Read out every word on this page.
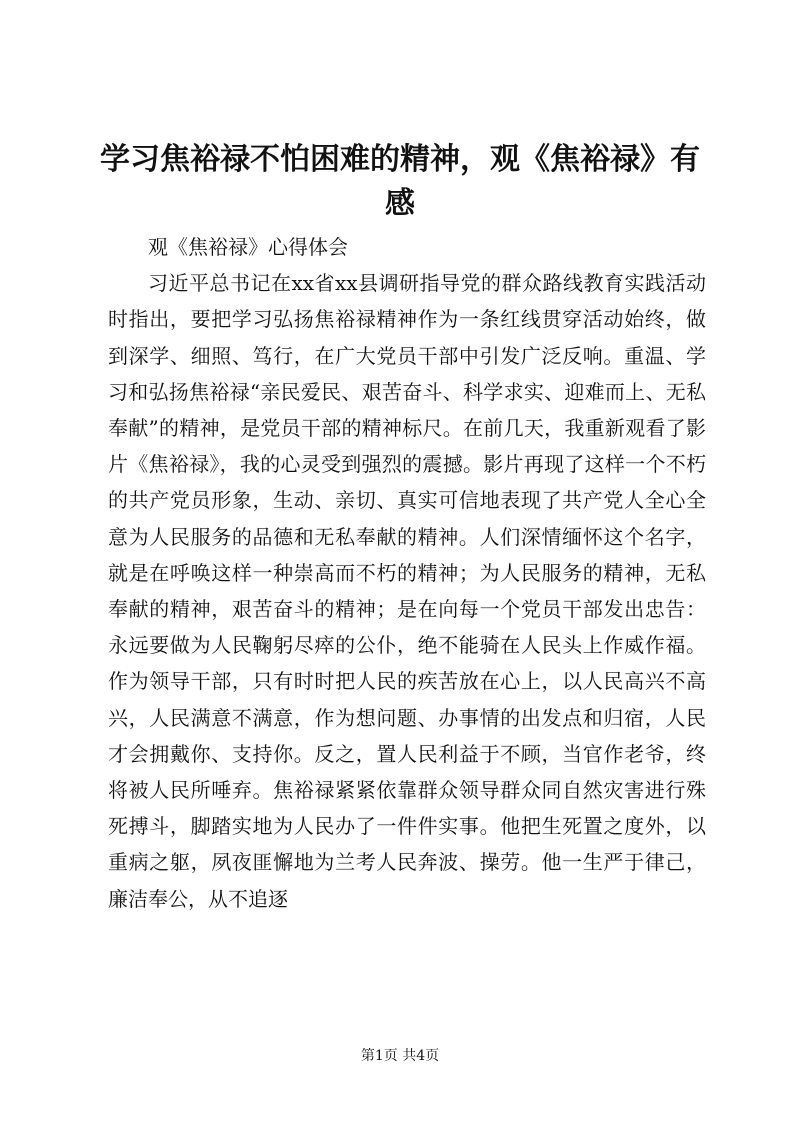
学习焦裕禄不怕困难的精神，观《焦裕禄》有感

观《焦裕禄》心得体会

习近平总书记在xx省xx县调研指导党的群众路线教育实践活动时指出，要把学习弘扬焦裕禄精神作为一条红线贯穿活动始终，做到深学、细照、笃行，在广大党员干部中引发广泛反响。重温、学习和弘扬焦裕禄“亲民爱民、艰苦奋斗、科学求实、迎难而上、无私奉献”的精神，是党员干部的精神标尺。在前几天，我重新观看了影片《焦裕禄》，我的心灵受到强烈的震撼。影片再现了这样一个不朽的共产党员形象，生动、亲切、真实可信地表现了共产党人全心全意为人民服务的品德和无私奉献的精神。人们深情缅怀这个名字，就是在呼唤这样一种崇高而不朽的精神；为人民服务的精神，无私奉献的精神，艰苦奋斗的精神；是在向每一个党员干部发出忠告：永远要做为人民鞠躬尽瘁的公仆，绝不能骑在人民头上作威作福。作为领导干部，只有时时把人民的疾苦放在心上，以人民高兴不高兴，人民满意不满意，作为想问题、办事情的出发点和归宿，人民才会拥戴你、支持你。反之，置人民利益于不顾，当官作老爷，终将被人民所唾弃。焦裕禄紧紧依靠群众领导群众同自然灾害进行殊死搏斗，脚踏实地为人民办了一件件实事。他把生死置之度外，以重病之躯，夙夜匪懈地为兰考人民奔波、操劳。他一生严于律己，廉洁奉公，从不追逐

第1页 共4页
